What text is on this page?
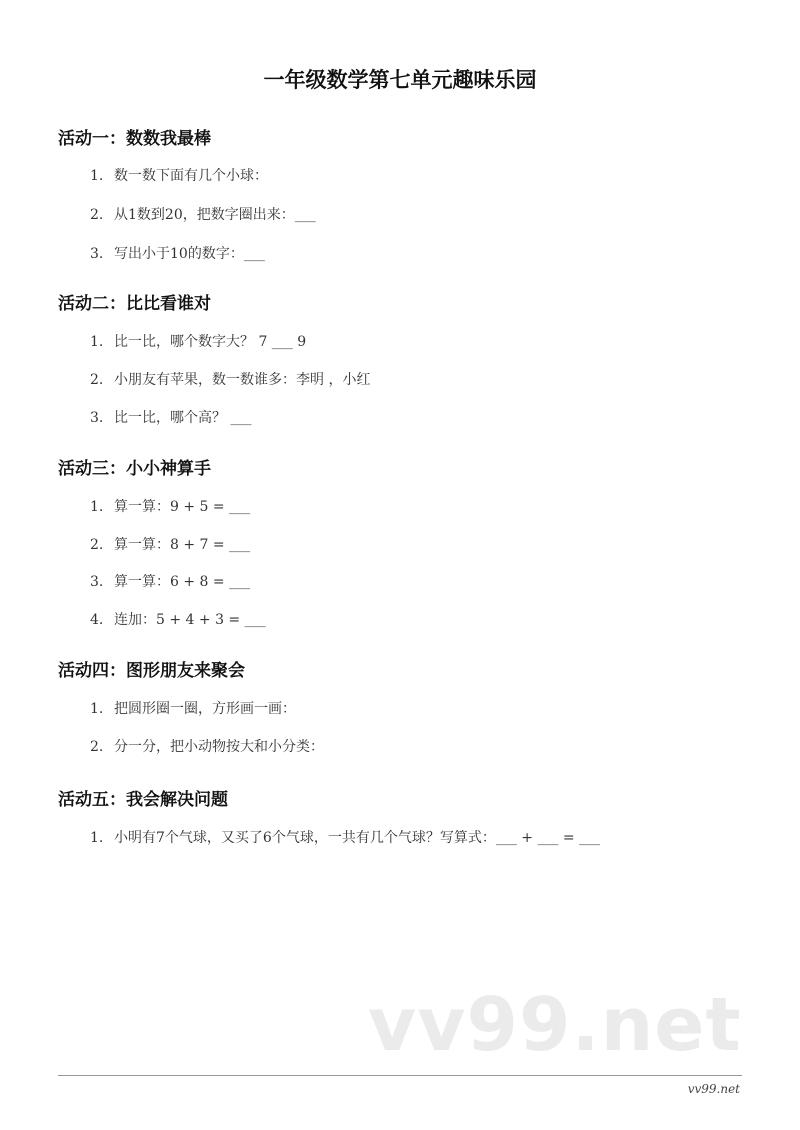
一年级数学第七单元趣味乐园
活动一：数数我最棒
1. 数一数下面有几个小球：
2. 从1数到20，把数字圈出来：___
3. 写出小于10的数字：___
活动二：比比看谁对
1. 比一比，哪个数字大？ 7 ___ 9
2. 小朋友有苹果，数一数谁多：李明 ，小红
3. 比一比，哪个高？ ___
活动三：小小神算手
1. 算一算：9 + 5 = ___
2. 算一算：8 + 7 = ___
3. 算一算：6 + 8 = ___
4. 连加：5 + 4 + 3 = ___
活动四：图形朋友来聚会
1. 把圆形圈一圈，方形画一画：
2. 分一分，把小动物按大和小分类：
活动五：我会解决问题
1. 小明有7个气球，又买了6个气球，一共有几个气球？写算式：___ + ___ = ___
vv99.net
vv99.net
